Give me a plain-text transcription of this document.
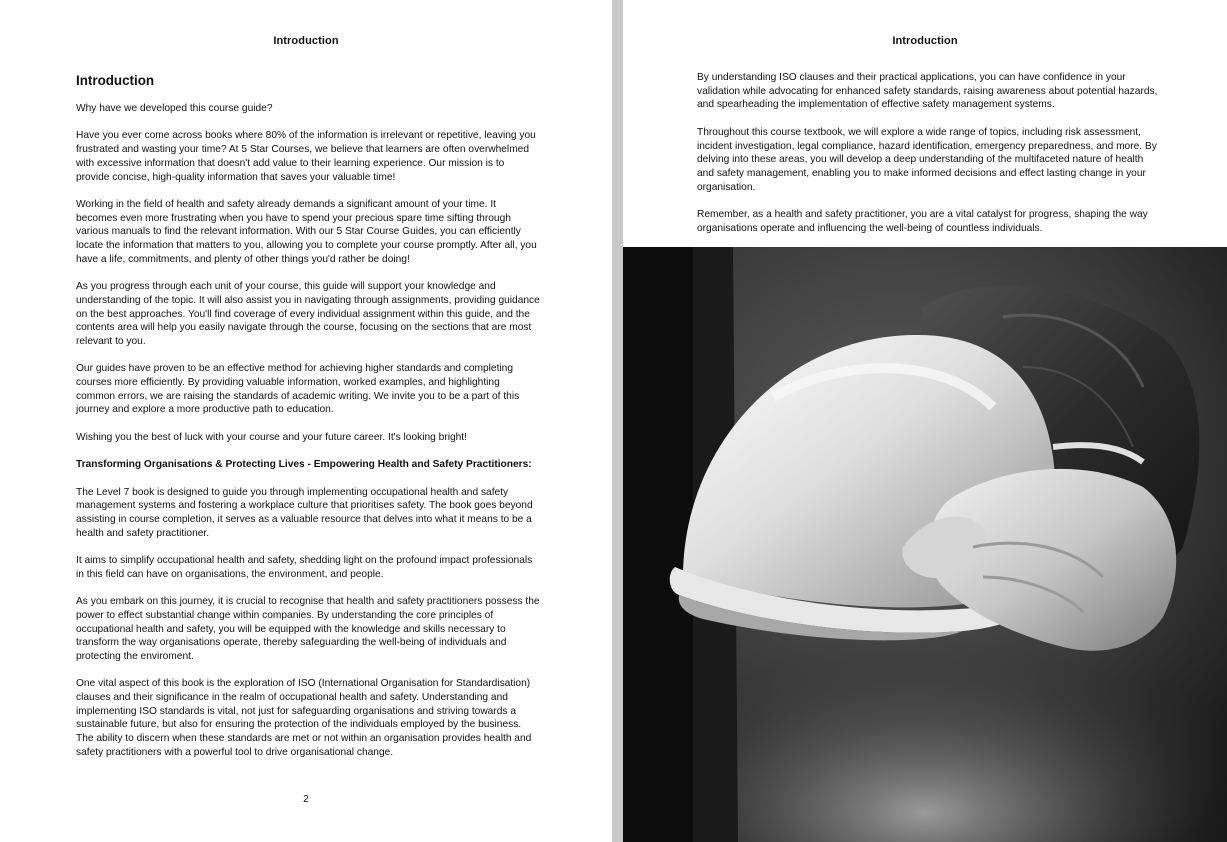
Introduction
Introduction

Why have we developed this course guide?

Have you ever come across books where 80% of the information is irrelevant or repetitive, leaving you frustrated and wasting your time? At 5 Star Courses, we believe that learners are often overwhelmed with excessive information that doesn't add value to their learning experience. Our mission is to provide concise, high-quality information that saves your valuable time!

Working in the field of health and safety already demands a significant amount of your time. It becomes even more frustrating when you have to spend your precious spare time sifting through various manuals to find the relevant information. With our 5 Star Course Guides, you can efficiently locate the information that matters to you, allowing you to complete your course promptly. After all, you have a life, commitments, and plenty of other things you'd rather be doing!

As you progress through each unit of your course, this guide will support your knowledge and understanding of the topic. It will also assist you in navigating through assignments, providing guidance on the best approaches. You'll find coverage of every individual assignment within this guide, and the contents area will help you easily navigate through the course, focusing on the sections that are most relevant to you.

Our guides have proven to be an effective method for achieving higher standards and completing courses more efficiently. By providing valuable information, worked examples, and highlighting common errors, we are raising the standards of academic writing. We invite you to be a part of this journey and explore a more productive path to education.

Wishing you the best of luck with your course and your future career. It's looking bright!

Transforming Organisations & Protecting Lives - Empowering Health and Safety Practitioners:

The Level 7 book is designed to guide you through implementing occupational health and safety management systems and fostering a workplace culture that prioritises safety. The book goes beyond assisting in course completion, it serves as a valuable resource that delves into what it means to be a health and safety practitioner.

It aims to simplify occupational health and safety, shedding light on the profound impact professionals in this field can have on organisations, the environment, and people.

As you embark on this journey, it is crucial to recognise that health and safety practitioners possess the power to effect substantial change within companies. By understanding the core principles of occupational health and safety, you will be equipped with the knowledge and skills necessary to transform the way organisations operate, thereby safeguarding the well-being of individuals and protecting the enviroment.

One vital aspect of this book is the exploration of ISO (International Organisation for Standardisation) clauses and their significance in the realm of occupational health and safety. Understanding and implementing ISO standards is vital, not just for safeguarding organisations and striving towards a sustainable future, but also for ensuring the protection of the individuals employed by the business. The ability to discern when these standards are met or not within an organisation provides health and safety practitioners with a powerful tool to drive organisational change.

2
Introduction

By understanding ISO clauses and their practical applications, you can have confidence in your validation while advocating for enhanced safety standards, raising awareness about potential hazards, and spearheading the implementation of effective safety management systems.

Throughout this course textbook, we will explore a wide range of topics, including risk assessment, incident investigation, legal compliance, hazard identification, emergency preparedness, and more. By delving into these areas, you will develop a deep understanding of the multifaceted nature of health and safety management, enabling you to make informed decisions and effect lasting change in your organisation.

Remember, as a health and safety practitioner, you are a vital catalyst for progress, shaping the way organisations operate and influencing the well-being of countless individuals.
